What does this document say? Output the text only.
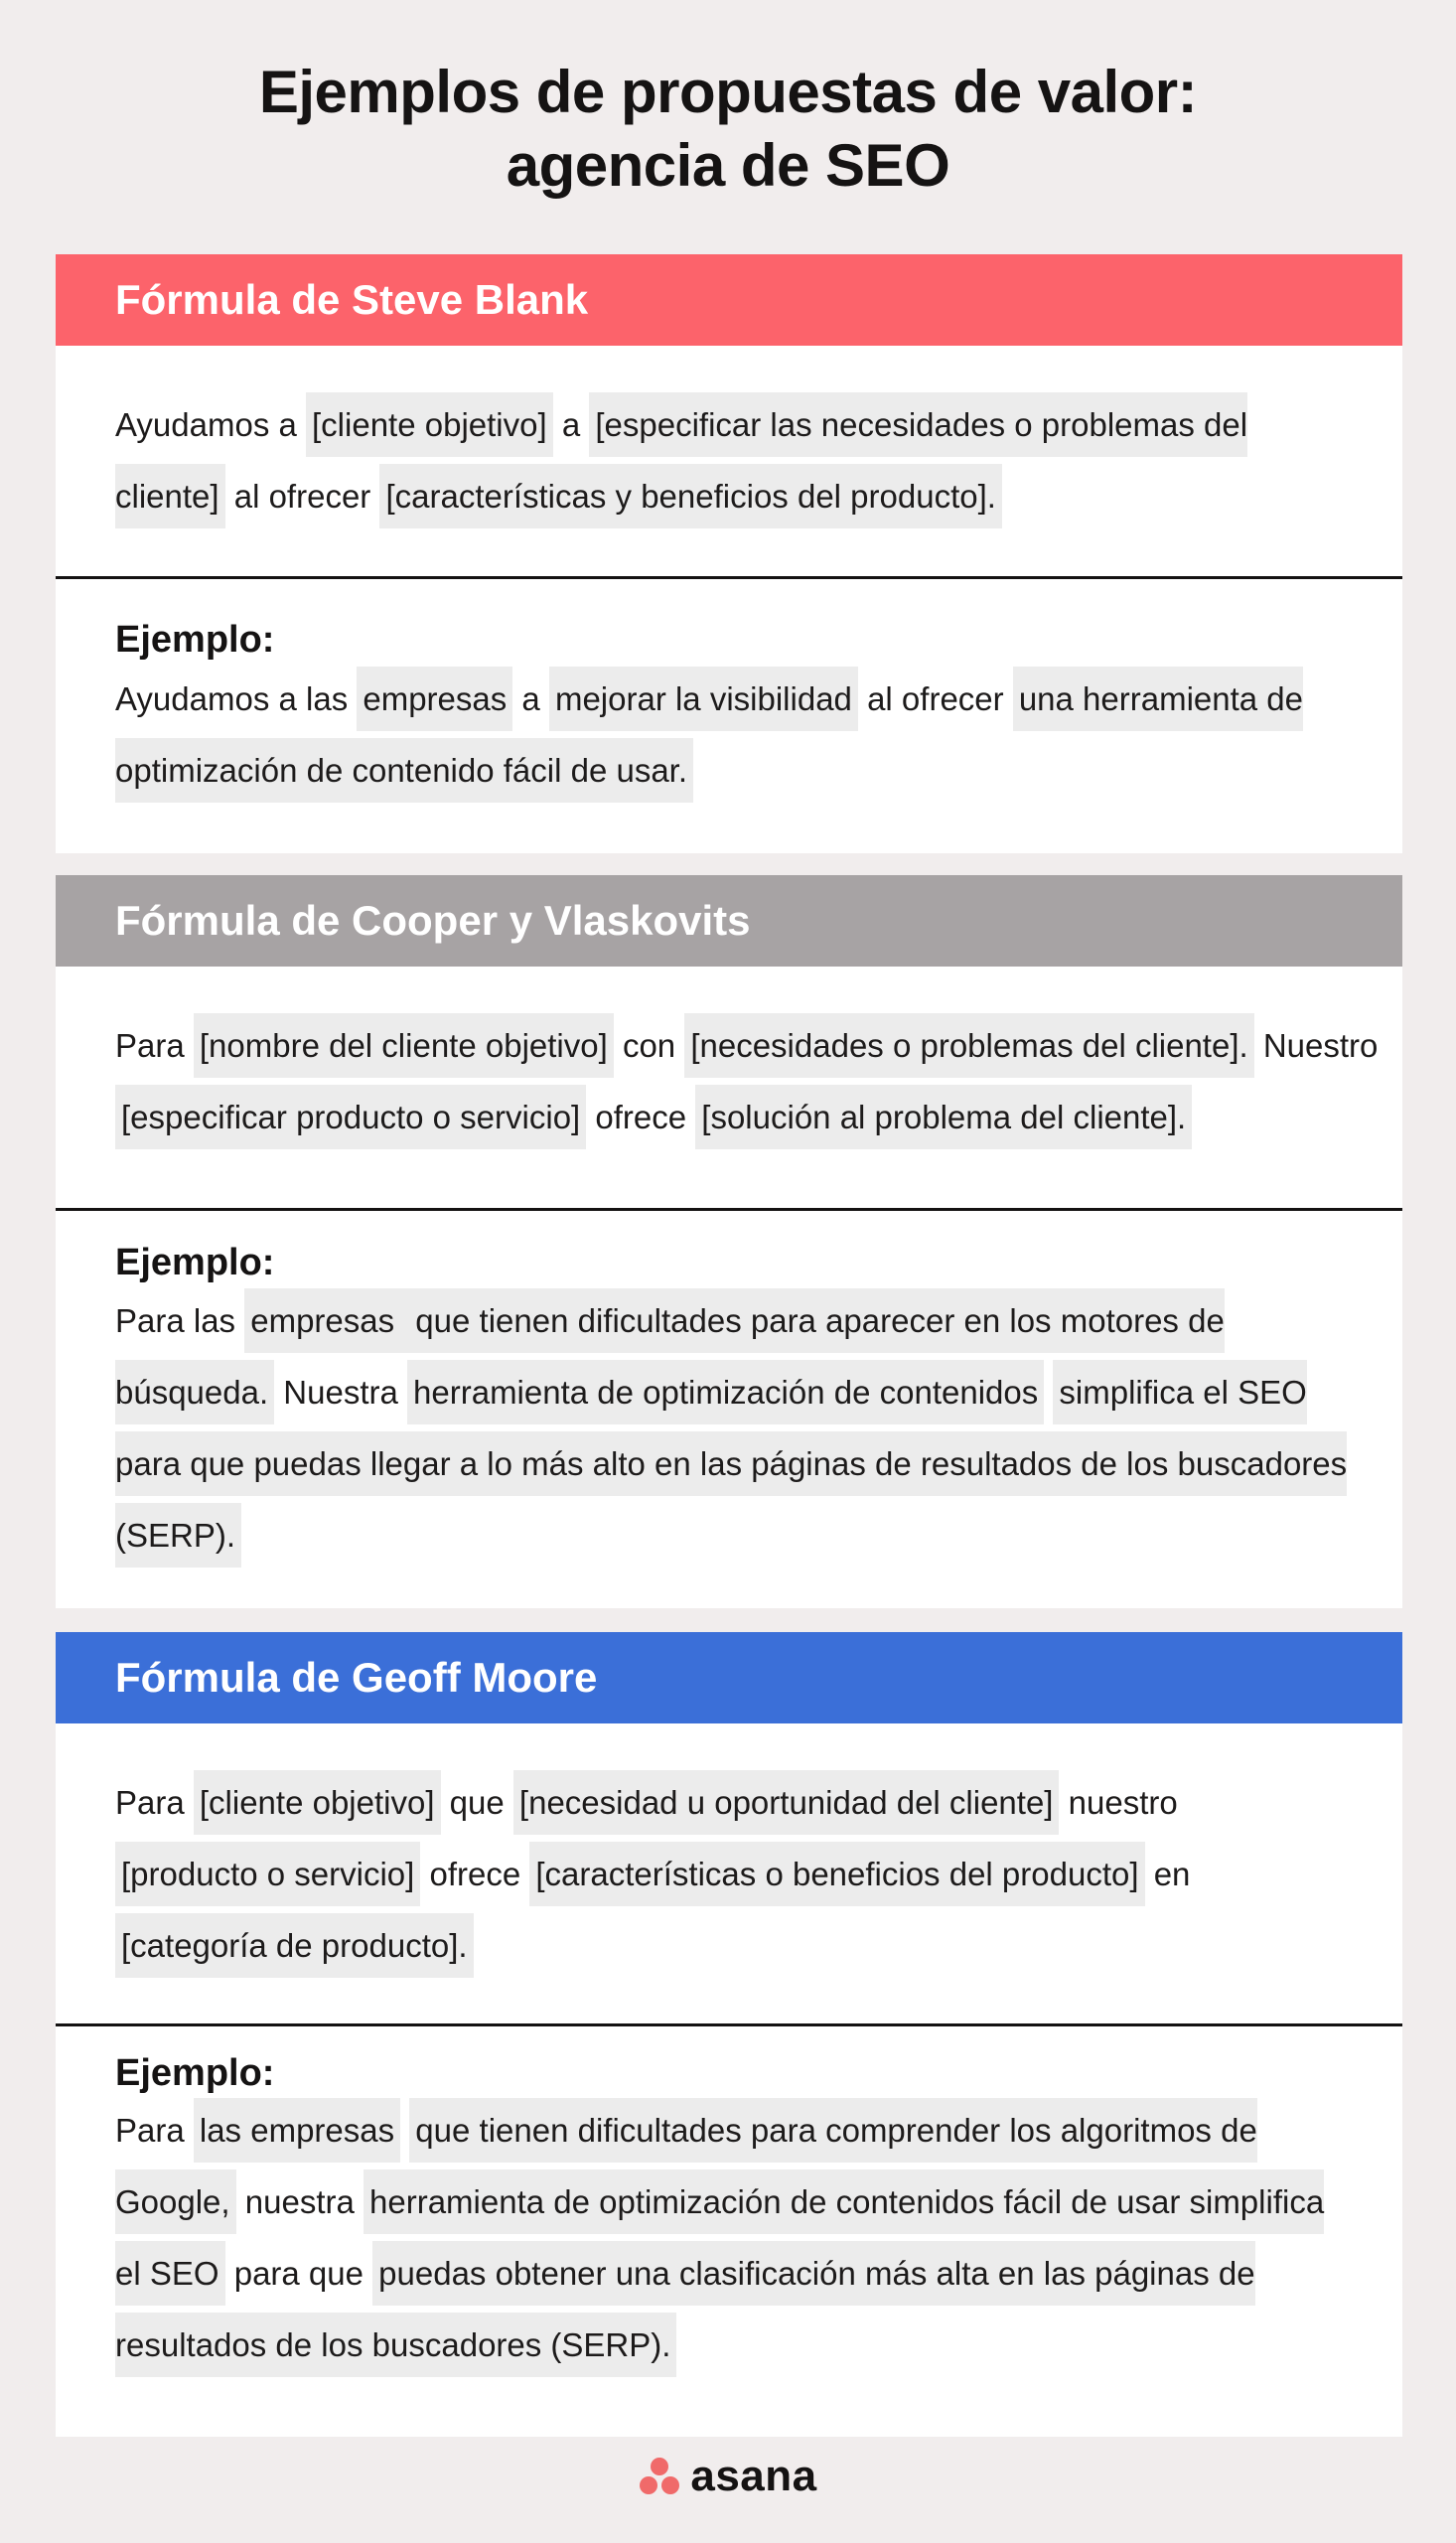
Ejemplos de propuestas de valor:
agencia de SEO
Fórmula de Steve Blank
Ayudamos a [cliente objetivo] a [especificar las necesidades o problemas del cliente] al ofrecer [características y beneficios del producto].
Ejemplo:
Ayudamos a las empresas a mejorar la visibilidad al ofrecer una herramienta de optimización de contenido fácil de usar.
Fórmula de Cooper y Vlaskovits
Para [nombre del cliente objetivo] con [necesidades o problemas del cliente]. Nuestro [especificar producto o servicio] ofrece [solución al problema del cliente].
Ejemplo:
Para las empresas que tienen dificultades para aparecer en los motores de búsqueda. Nuestra herramienta de optimización de contenidos simplifica el SEO para que puedas llegar a lo más alto en las páginas de resultados de los buscadores (SERP).
Fórmula de Geoff Moore
Para [cliente objetivo] que [necesidad u oportunidad del cliente] nuestro [producto o servicio] ofrece [características o beneficios del producto] en [categoría de producto].
Ejemplo:
Para las empresas que tienen dificultades para comprender los algoritmos de Google, nuestra herramienta de optimización de contenidos fácil de usar simplifica el SEO para que puedas obtener una clasificación más alta en las páginas de resultados de los buscadores (SERP).
asana
